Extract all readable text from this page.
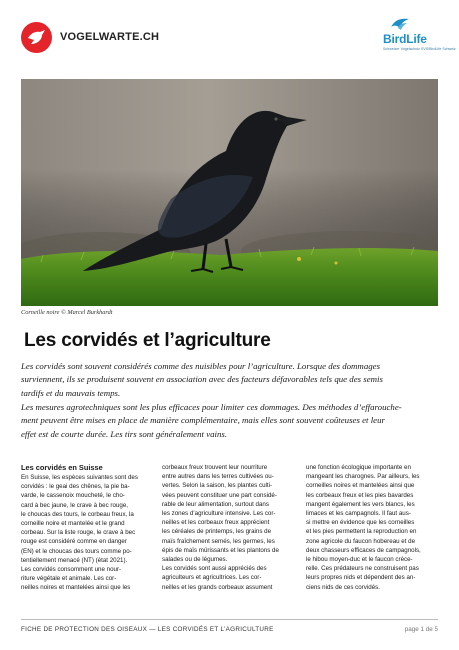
VOGELWARTE.CH	BirdLife
Schweizer Vogelschutz SVS/BirdLife Schweiz
Corneille noire © Marcel Burkhardt
Les corvidés et l’agriculture
Les corvidés sont souvent considérés comme des nuisibles pour l’agriculture. Lorsque des dommages
surviennent, ils se produisent souvent en association avec des facteurs défavorables tels que des semis
tardifs et du mauvais temps.
Les mesures agrotechniques sont les plus efficaces pour limiter ces dommages. Des méthodes d’effarouche-
ment peuvent être mises en place de manière complémentaire, mais elles sont souvent coûteuses et leur
effet est de courte durée. Les tirs sont généralement vains.
Les corvidés en Suisse
En Suisse, les espèces suivantes sont des
corvidés : le geai des chênes, la pie ba-
varde, le cassenoix moucheté, le cho-
card à bec jaune, le crave à bec rouge,
le choucas des tours, le corbeau freux, la
corneille noire et mantelée et le grand
corbeau. Sur la liste rouge, le crave à bec
rouge est considéré comme en danger
(EN) et le choucas des tours comme po-
tentiellement menacé (NT) (état 2021).
Les corvidés consomment une nour-
riture végétale et animale. Les cor-
neilles noires et mantelées ainsi que les
corbeaux freux trouvent leur nourriture
entre autres dans les terres cultivées ou-
vertes. Selon la saison, les plantes culti-
vées peuvent constituer une part considé-
rable de leur alimentation, surtout dans
les zones d’agriculture intensive. Les cor-
neilles et les corbeaux freux apprécient
les céréales de printemps, les grains de
maïs fraîchement semés, les germes, les
épis de maïs mûrissants et les plantons de
salades ou de légumes.
Les corvidés sont aussi appréciés des
agriculteurs et agricultrices. Les cor-
neilles et les grands corbeaux assument
une fonction écologique importante en
mangeant les charognes. Par ailleurs, les
corneilles noires et mantelées ainsi que
les corbeaux freux et les pies bavardes
mangent également les vers blancs, les
limaces et les campagnols. Il faut aus-
si mettre en évidence que les corneilles
et les pies permettent la reproduction en
zone agricole du faucon hobereau et de
deux chasseurs efficaces de campagnols,
le hibou moyen-duc et le faucon créce-
relle. Ces prédateurs ne construisent pas
leurs propres nids et dépendent des an-
ciens nids de ces corvidés.
FICHE DE PROTECTION DES OISEAUX — LES CORVIDÉS ET L’AGRICULTURE	page 1 de 5
